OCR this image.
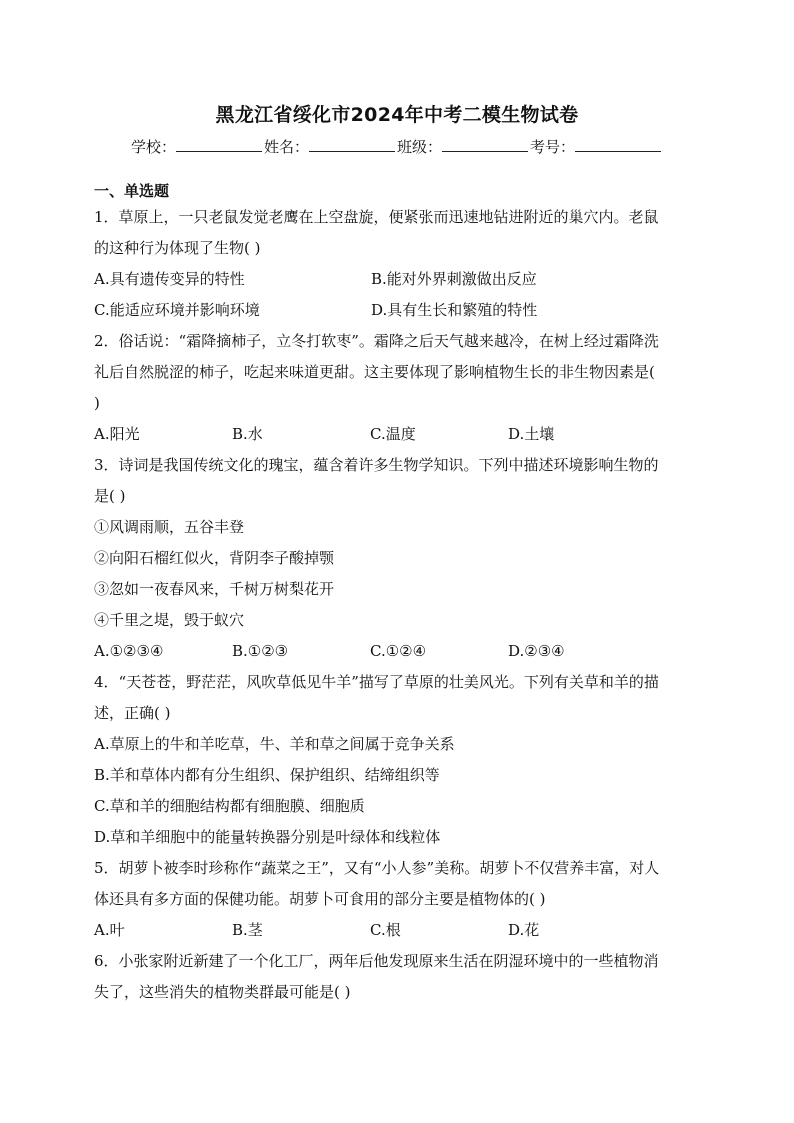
黑龙江省绥化市2024年中考二模生物试卷
学校：	姓名：	班级：	考号：
一、单选题
1．草原上，一只老鼠发觉老鹰在上空盘旋，便紧张而迅速地钻进附近的巢穴内。老鼠
的这种行为体现了生物( )
A.具有遗传变异的特性	B.能对外界刺激做出反应
C.能适应环境并影响环境	D.具有生长和繁殖的特性
2．俗话说：“霜降摘柿子，立冬打软枣”。霜降之后天气越来越冷，在树上经过霜降洗
礼后自然脱涩的柿子，吃起来味道更甜。这主要体现了影响植物生长的非生物因素是(
)
A.阳光	B.水	C.温度	D.土壤
3．诗词是我国传统文化的瑰宝，蕴含着许多生物学知识。下列中描述环境影响生物的
是( )
①风调雨顺，五谷丰登
②向阳石榴红似火，背阴李子酸掉颚
③忽如一夜春风来，千树万树梨花开
④千里之堤，毁于蚁穴
A.①②③④	B.①②③	C.①②④	D.②③④
4．“天苍苍，野茫茫，风吹草低见牛羊”描写了草原的壮美风光。下列有关草和羊的描
述，正确( )
A.草原上的牛和羊吃草，牛、羊和草之间属于竞争关系
B.羊和草体内都有分生组织、保护组织、结缔组织等
C.草和羊的细胞结构都有细胞膜、细胞质
D.草和羊细胞中的能量转换器分别是叶绿体和线粒体
5．胡萝卜被李时珍称作“蔬菜之王”，又有“小人参”美称。胡萝卜不仅营养丰富，对人
体还具有多方面的保健功能。胡萝卜可食用的部分主要是植物体的( )
A.叶	B.茎	C.根	D.花
6．小张家附近新建了一个化工厂，两年后他发现原来生活在阴湿环境中的一些植物消
失了，这些消失的植物类群最可能是( )
